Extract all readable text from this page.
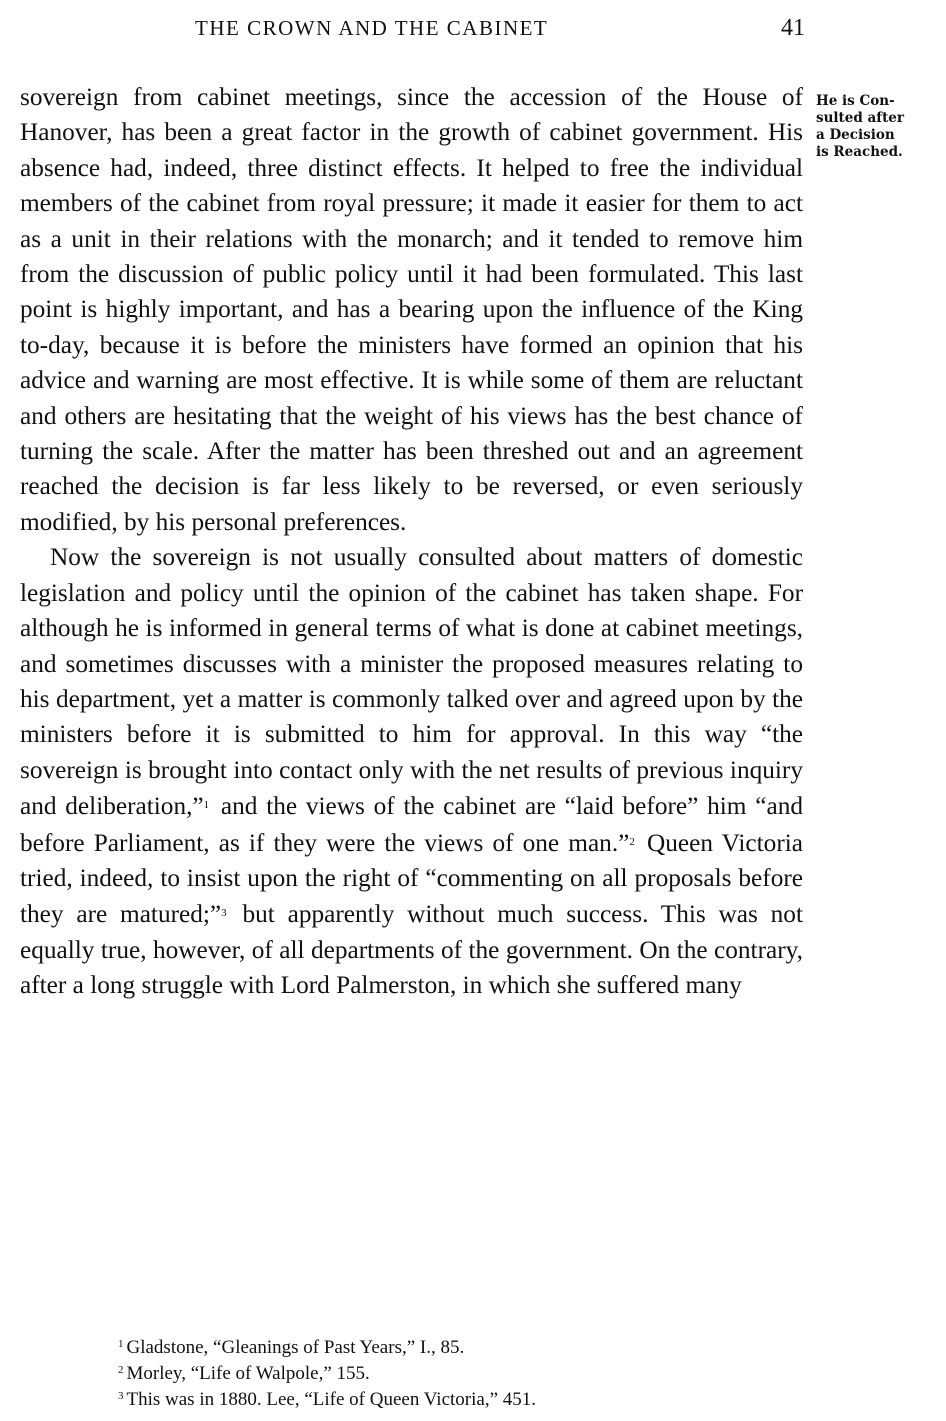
THE CROWN AND THE CABINET	41
He is Con-
sulted after
a Decision
is Reached.

sovereign from cabinet meetings, since the accession of the House of Hanover, has been a great factor in the growth of cabinet government. His absence had, indeed, three distinct effects. It helped to free the individual members of the cabinet from royal pressure; it made it easier for them to act as a unit in their relations with the monarch; and it tended to remove him from the discussion of public policy until it had been formulated. This last point is highly important, and has a bearing upon the influence of the King to-day, because it is before the ministers have formed an opinion that his advice and warning are most effective. It is while some of them are reluctant and others are hesitating that the weight of his views has the best chance of turning the scale. After the matter has been threshed out and an agreement reached the decision is far less likely to be reversed, or even seriously modified, by his personal preferences.

Now the sovereign is not usually consulted about matters of domestic legislation and policy until the opinion of the cabinet has taken shape. For although he is informed in general terms of what is done at cabinet meetings, and sometimes discusses with a minister the proposed measures relating to his department, yet a matter is commonly talked over and agreed upon by the ministers before it is submitted to him for approval. In this way “the sovereign is brought into contact only with the net results of previous inquiry and deliberation,”$^1$ and the views of the cabinet are “laid before” him “and before Parliament, as if they were the views of one man.”$^2$ Queen Victoria tried, indeed, to insist upon the right of “commenting on all proposals before they are matured;”$^3$ but apparently without much success. This was not equally true, however, of all departments of the government. On the contrary, after a long struggle with Lord Palmerston, in which she suffered many

$^1$ Gladstone, “Gleanings of Past Years,” I., 85.
$^2$ Morley, “Life of Walpole,” 155.
$^3$ This was in 1880. Lee, “Life of Queen Victoria,” 451.
